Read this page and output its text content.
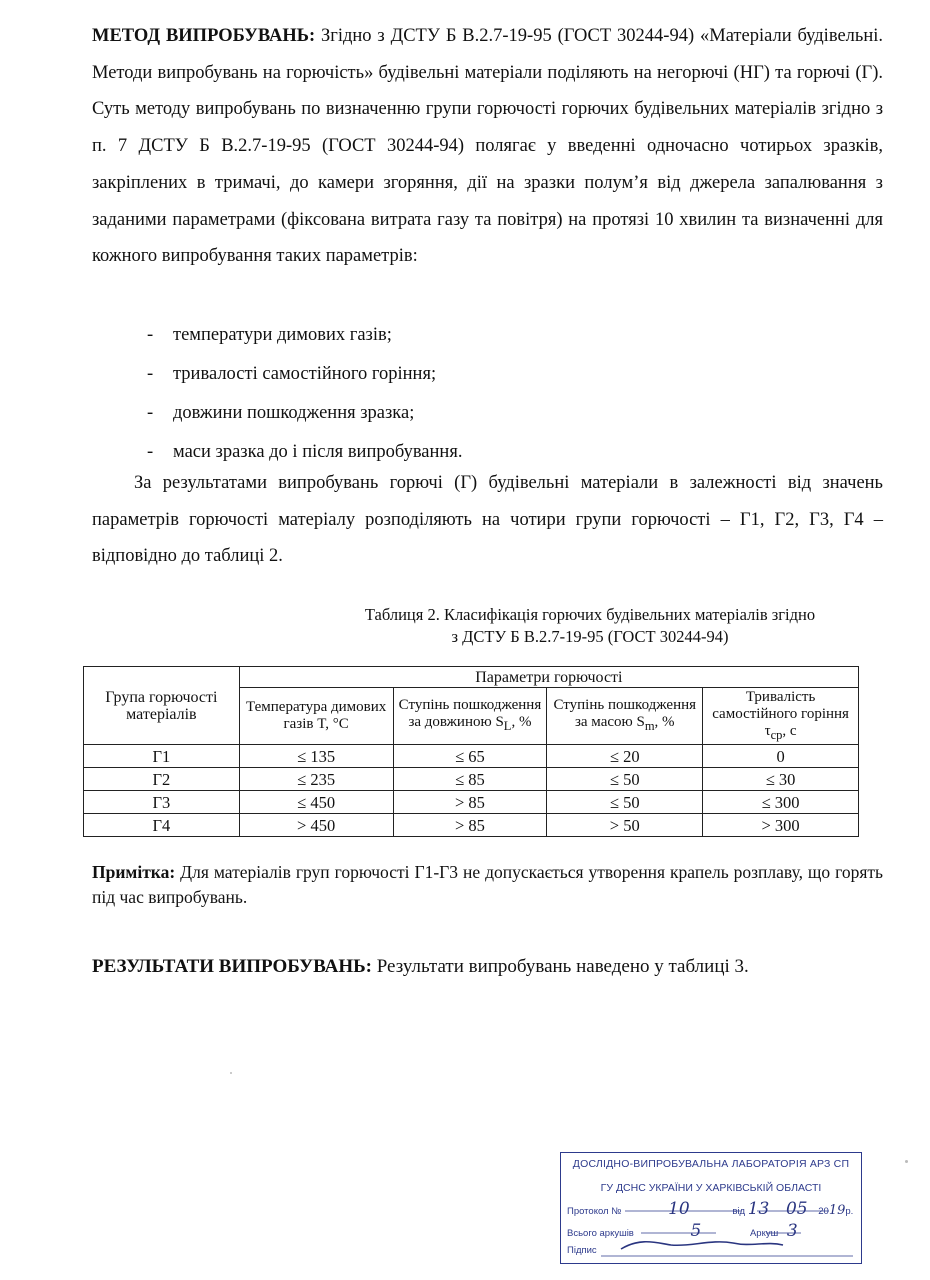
МЕТОД ВИПРОБУВАНЬ: Згідно з ДСТУ Б В.2.7-19-95 (ГОСТ 30244-94) «Матеріали будівельні. Методи випробувань на горючість» будівельні матеріали поділяють на негорючі (НГ) та горючі (Г). Суть методу випробувань по визначенню групи горючості горючих будівельних матеріалів згідно з п. 7 ДСТУ Б В.2.7-19-95 (ГОСТ 30244-94) полягає у введенні одночасно чотирьох зразків, закріплених в тримачі, до камери згоряння, дії на зразки полум’я від джерела запалювання з заданими параметрами (фіксована витрата газу та повітря) на протязі 10 хвилин та визначенні для кожного випробування таких параметрів:
- температури димових газів;
- тривалості самостійного горіння;
- довжини пошкодження зразка;
- маси зразка до і після випробування.
За результатами випробувань горючі (Г) будівельні матеріали в залежності від значень параметрів горючості матеріалу розподіляють на чотири групи горючості – Г1, Г2, Г3, Г4 – відповідно до таблиці 2.
Таблиця 2. Класифікація горючих будівельних матеріалів згідно
з ДСТУ Б В.2.7-19-95 (ГОСТ 30244-94)
Група горючості матеріалів	Параметри горючості			
	Температура димових газів T, °С	Ступінь пошкодження за довжиною $S_L$, %	Ступінь пошкодження за масою $S_m$, %	Тривалість самостійного горіння $\tau_{ср}$, с
Г1	≤ 135	≤ 65	≤ 20	0
Г2	≤ 235	≤ 85	≤ 50	≤ 30
Г3	≤ 450	> 85	≤ 50	≤ 300
Г4	> 450	> 85	> 50	> 300
Примітка: Для матеріалів груп горючості Г1-Г3 не допускається утворення крапель розплаву, що горять під час випробувань.
РЕЗУЛЬТАТИ ВИПРОБУВАНЬ: Результати випробувань наведено у таблиці 3.
ДОСЛІДНО-ВИПРОБУВАЛЬНА ЛАБОРАТОРІЯ АРЗ СП
ГУ ДСНС УКРАЇНИ У ХАРКІВСЬКІЙ ОБЛАСТІ
Протокол №	10	від 13 05 2019р.
Всього аркушів	5	Аркуш 3
Підпис
